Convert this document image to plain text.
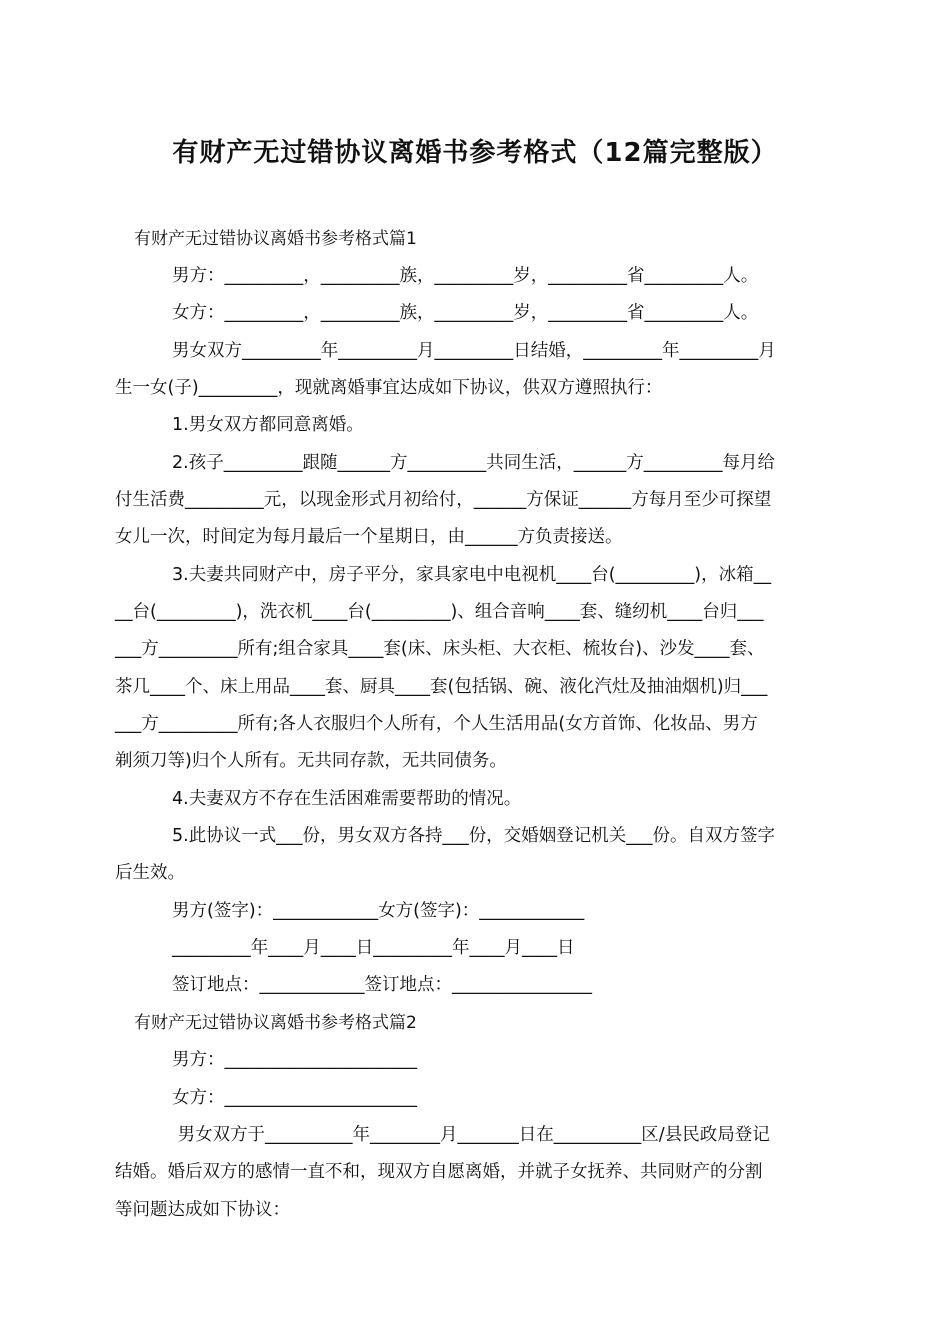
有财产无过错协议离婚书参考格式（12篇完整版）
有财产无过错协议离婚书参考格式篇1
男方：_________，_________族，_________岁，_________省_________人。
女方：_________，_________族，_________岁，_________省_________人。
男女双方_________年_________月_________日结婚，_________年_________月
生一女(子)_________，现就离婚事宜达成如下协议，供双方遵照执行：
1.男女双方都同意离婚。
2.孩子_________跟随______方_________共同生活，______方_________每月给
付生活费_________元，以现金形式月初给付，______方保证______方每月至少可探望
女儿一次，时间定为每月最后一个星期日，由______方负责接送。
3.夫妻共同财产中，房子平分，家具家电中电视机____台(_________)，冰箱__
__台(_________)，洗衣机____台(_________)、组合音响____套、缝纫机____台归___
___方_________所有;组合家具____套(床、床头柜、大衣柜、梳妆台)、沙发____套、
茶几____个、床上用品____套、厨具____套(包括锅、碗、液化汽灶及抽油烟机)归___
___方_________所有;各人衣服归个人所有，个人生活用品(女方首饰、化妆品、男方
剃须刀等)归个人所有。无共同存款，无共同债务。
4.夫妻双方不存在生活困难需要帮助的情况。
5.此协议一式___份，男女双方各持___份，交婚姻登记机关___份。自双方签字
后生效。
男方(签字)：____________女方(签字)：____________
_________年____月____日_________年____月____日
签订地点：____________签订地点：________________
有财产无过错协议离婚书参考格式篇2
男方：______________________
女方：______________________
男女双方于__________年________月_______日在__________区/县民政局登记
结婚。婚后双方的感情一直不和，现双方自愿离婚，并就子女抚养、共同财产的分割
等问题达成如下协议：
